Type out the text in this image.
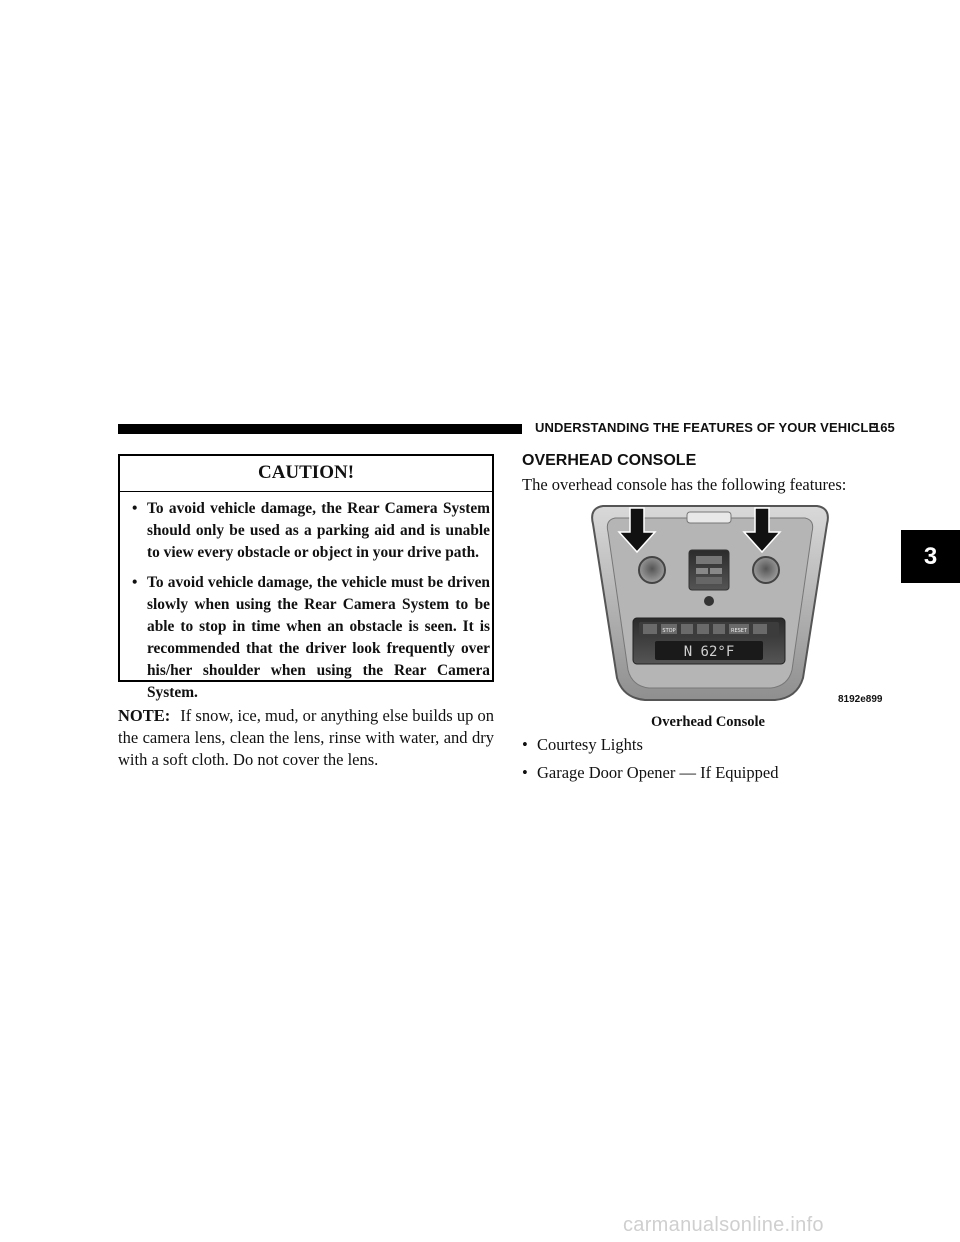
UNDERSTANDING THE FEATURES OF YOUR VEHICLE
165
3
CAUTION!
• To avoid vehicle damage, the Rear Camera System should only be used as a parking aid and is unable to view every obstacle or object in your drive path.
• To avoid vehicle damage, the vehicle must be driven slowly when using the Rear Camera System to be able to stop in time when an obstacle is seen. It is recommended that the driver look frequently over his/her shoulder when using the Rear Camera System.
NOTE: If snow, ice, mud, or anything else builds up on the camera lens, clean the lens, rinse with water, and dry with a soft cloth. Do not cover the lens.
OVERHEAD CONSOLE
The overhead console has the following features:
STOP	RESET
N 62°F
8192e899
Overhead Console
• Courtesy Lights
• Garage Door Opener — If Equipped
carmanualsonline.info
